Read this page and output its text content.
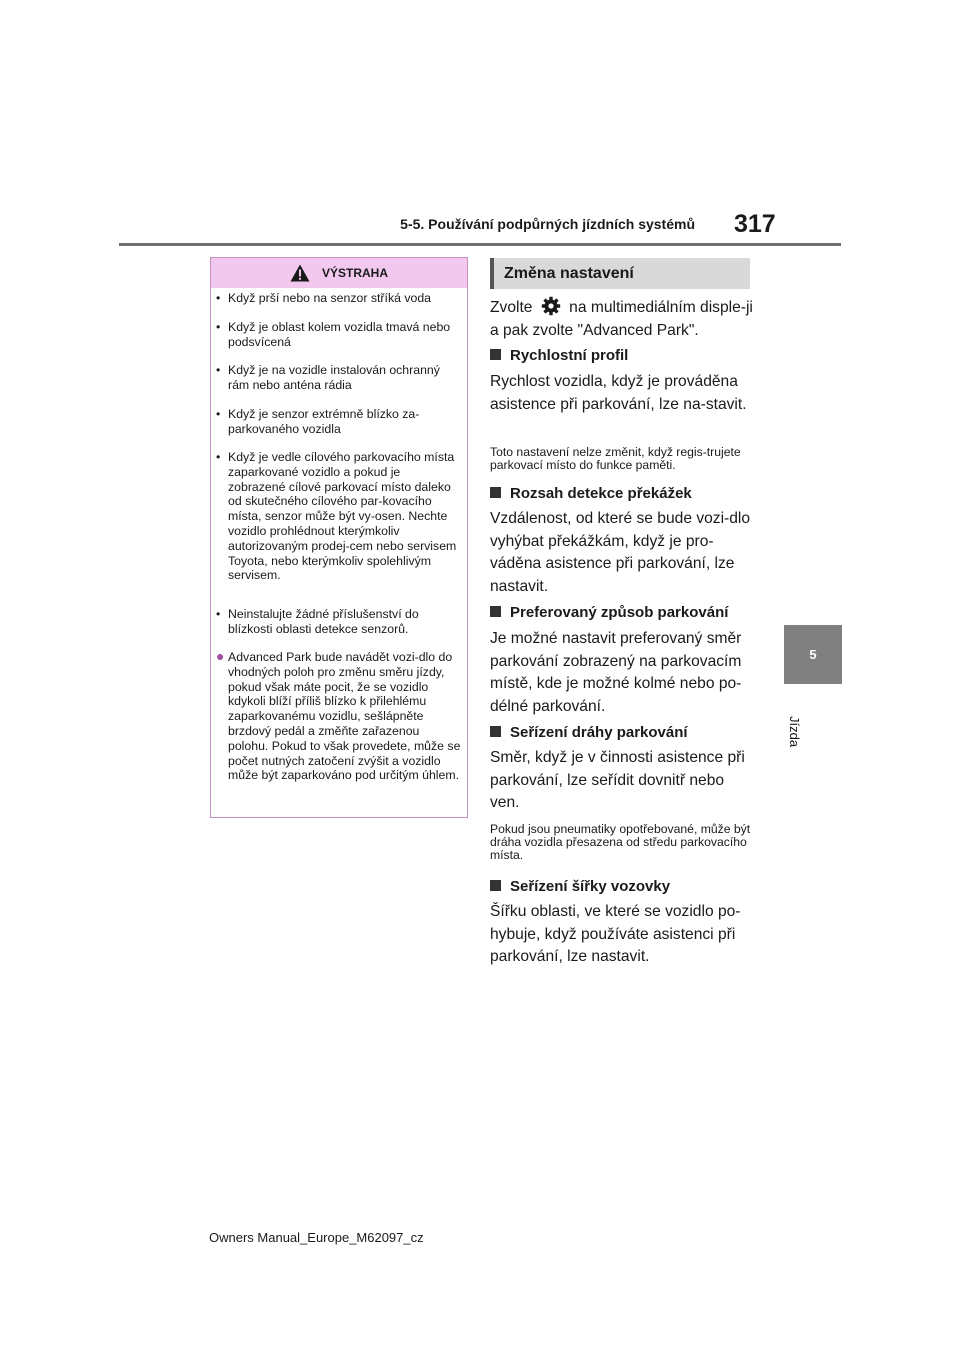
5-5. Používání podpůrných jízdních systémů 317
5
Jízda
VÝSTRAHA
• Když prší nebo na senzor stříká voda
• Když je oblast kolem vozidla tmavá nebo podsvícená
• Když je na vozidle instalován ochranný rám nebo anténa rádia
• Když je senzor extrémně blízko za-parkovaného vozidla
• Když je vedle cílového parkovacího místa zaparkované vozidlo a pokud je zobrazené cílové parkovací místo daleko od skutečného cílového par-kovacího místa, senzor může být vy-osen. Nechte vozidlo prohlédnout kterýmkoliv autorizovaným prodej-cem nebo servisem Toyota, nebo kterýmkoliv spolehlivým servisem.
• Neinstalujte žádné příslušenství do blízkosti oblasti detekce senzorů.
● Advanced Park bude navádět vozi-dlo do vhodných poloh pro změnu směru jízdy, pokud však máte pocit, že se vozidlo kdykoli blíží příliš blízko k přilehlému zaparkovanému vozidlu, sešlápněte brzdový pedál a změňte zařazenou polohu. Pokud to však provedete, může se počet nutných zatočení zvýšit a vozidlo může být zaparkováno pod určitým úhlem.
Změna nastavení
Zvolte na multimediálním disple-ji a pak zvolte "Advanced Park".
Rychlostní profil
Rychlost vozidla, když je prováděna asistence při parkování, lze na-stavit.
Toto nastavení nelze změnit, když regis-trujete parkovací místo do funkce paměti.
Rozsah detekce překážek
Vzdálenost, od které se bude vozi-dlo vyhýbat překážkám, když je pro-váděna asistence při parkování, lze nastavit.
Preferovaný způsob parkování
Je možné nastavit preferovaný směr parkování zobrazený na parkovacím místě, kde je možné kolmé nebo po-délné parkování.
Seřízení dráhy parkování
Směr, když je v činnosti asistence při parkování, lze seřídit dovnitř nebo ven.
Pokud jsou pneumatiky opotřebované, může být dráha vozidla přesazena od středu parkovacího místa.
Seřízení šířky vozovky
Šířku oblasti, ve které se vozidlo po-hybuje, když používáte asistenci při parkování, lze nastavit.
Owners Manual_Europe_M62097_cz
